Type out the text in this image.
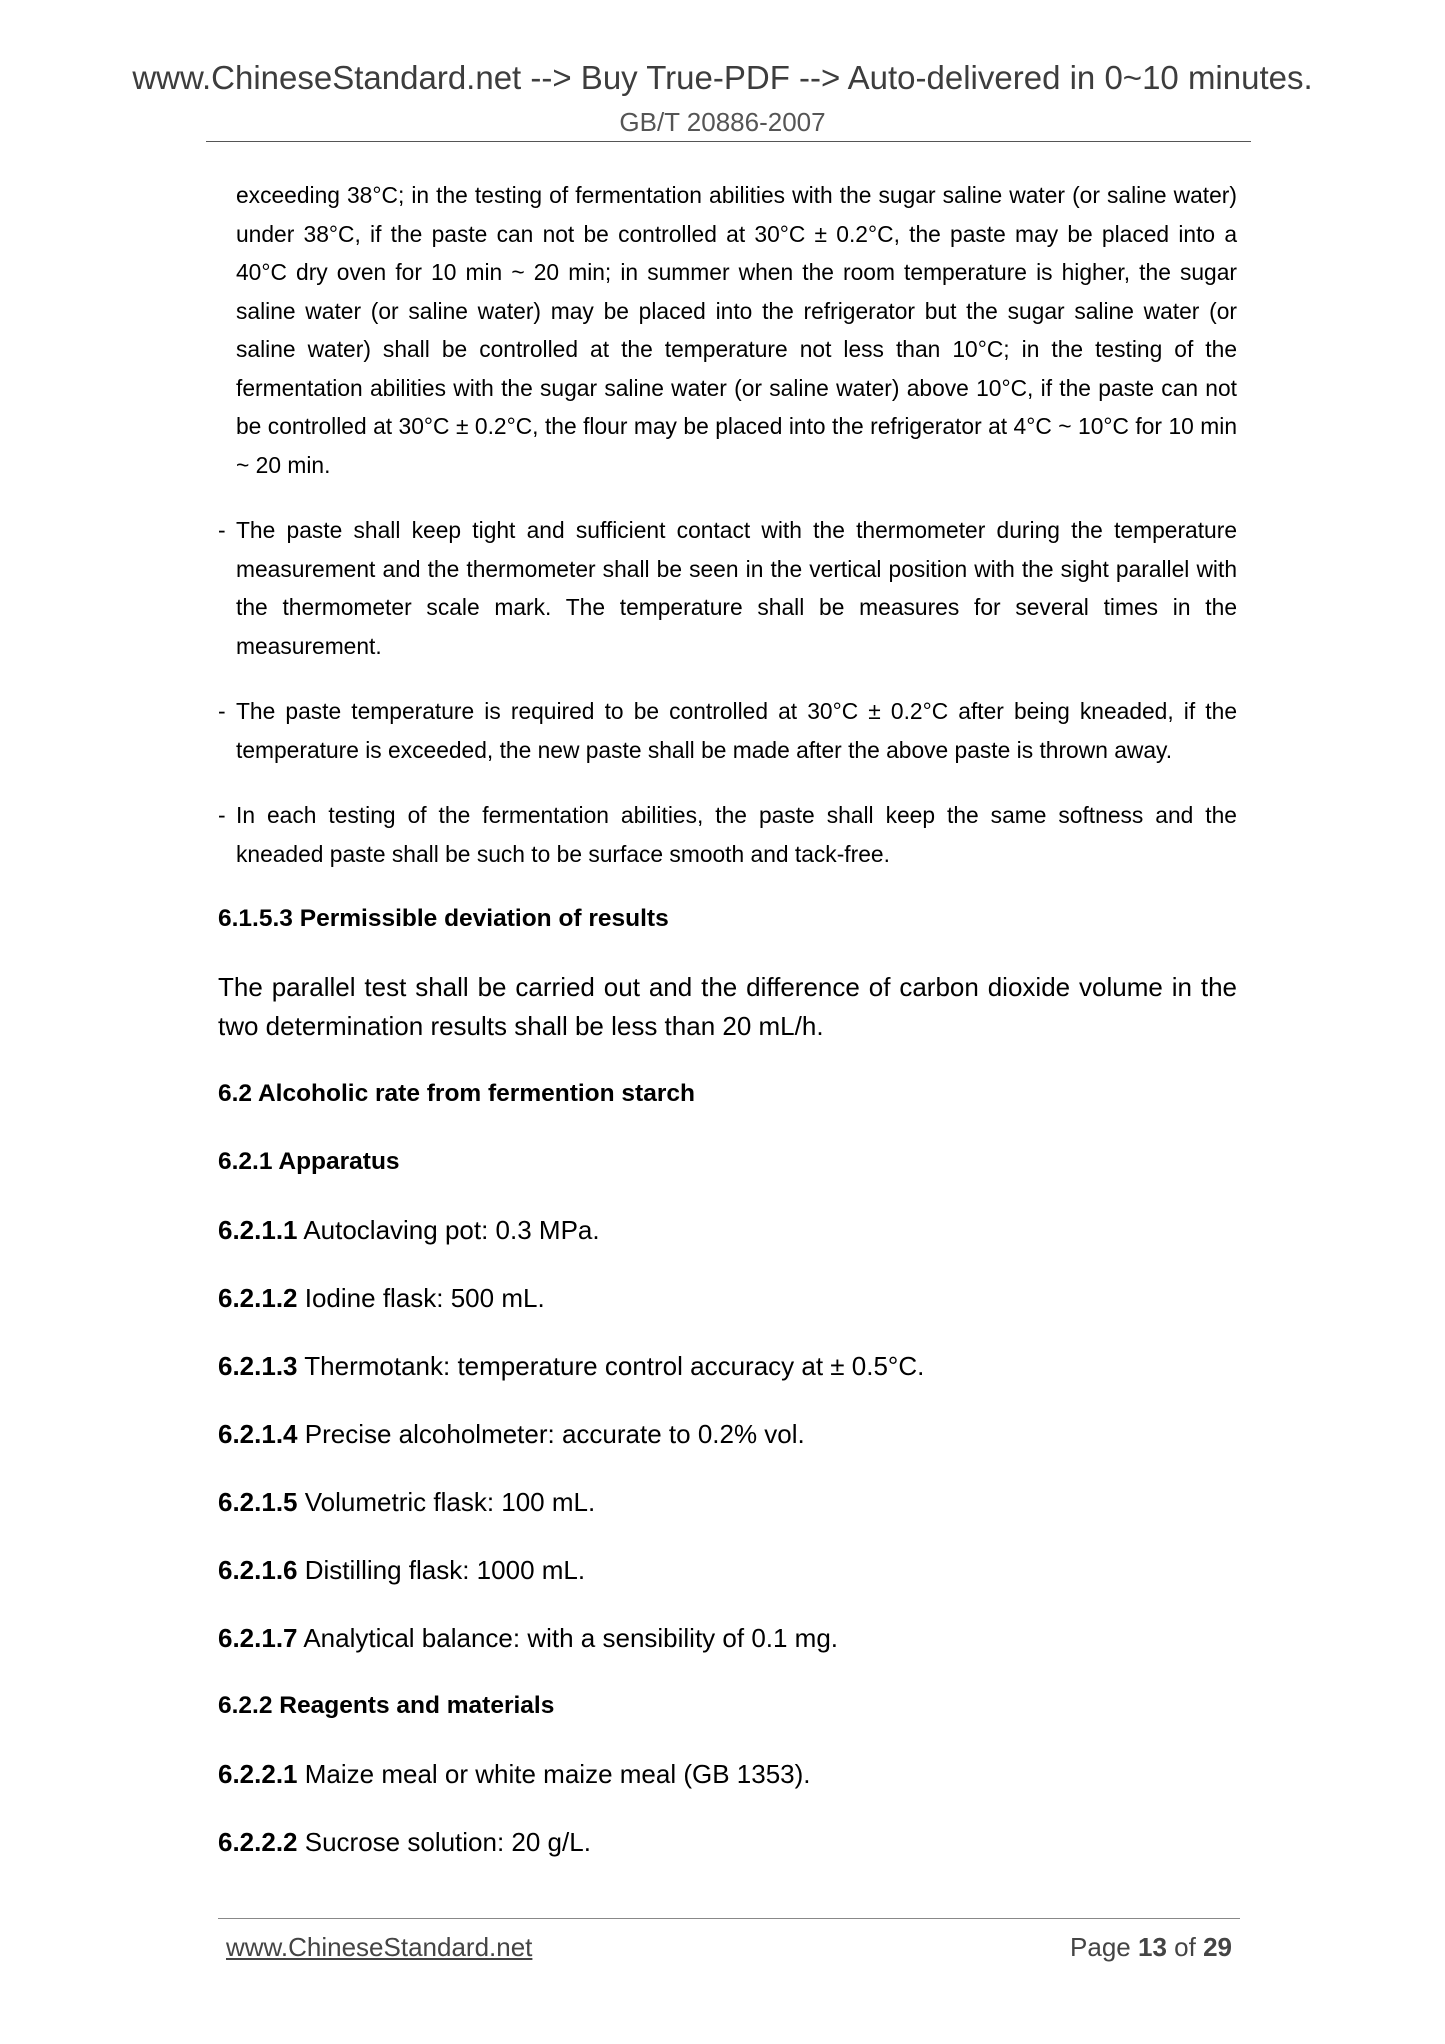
www.ChineseStandard.net --> Buy True-PDF --> Auto-delivered in 0~10 minutes.
GB/T 20886-2007

exceeding 38°C; in the testing of fermentation abilities with the sugar saline water (or saline water) under 38°C, if the paste can not be controlled at 30°C ± 0.2°C, the paste may be placed into a 40°C dry oven for 10 min ~ 20 min; in summer when the room temperature is higher, the sugar saline water (or saline water) may be placed into the refrigerator but the sugar saline water (or saline water) shall be controlled at the temperature not less than 10°C; in the testing of the fermentation abilities with the sugar saline water (or saline water) above 10°C, if the paste can not be controlled at 30°C ± 0.2°C, the flour may be placed into the refrigerator at 4°C ~ 10°C for 10 min ~ 20 min.

- The paste shall keep tight and sufficient contact with the thermometer during the temperature measurement and the thermometer shall be seen in the vertical position with the sight parallel with the thermometer scale mark. The temperature shall be measures for several times in the measurement.
- The paste temperature is required to be controlled at 30°C ± 0.2°C after being kneaded, if the temperature is exceeded, the new paste shall be made after the above paste is thrown away.
- In each testing of the fermentation abilities, the paste shall keep the same softness and the kneaded paste shall be such to be surface smooth and tack-free.
6.1.5.3 Permissible deviation of results

The parallel test shall be carried out and the difference of carbon dioxide volume in the two determination results shall be less than 20 mL/h.

6.2 Alcoholic rate from fermention starch
6.2.1 Apparatus
6.2.1.1 Autoclaving pot: 0.3 MPa.
6.2.1.2 Iodine flask: 500 mL.
6.2.1.3 Thermotank: temperature control accuracy at ± 0.5°C.
6.2.1.4 Precise alcoholmeter: accurate to 0.2% vol.
6.2.1.5 Volumetric flask: 100 mL.
6.2.1.6 Distilling flask: 1000 mL.
6.2.1.7 Analytical balance: with a sensibility of 0.1 mg.
6.2.2 Reagents and materials
6.2.2.1 Maize meal or white maize meal (GB 1353).
6.2.2.2 Sucrose solution: 20 g/L.
www.ChineseStandard.net	Page 13 of 29
